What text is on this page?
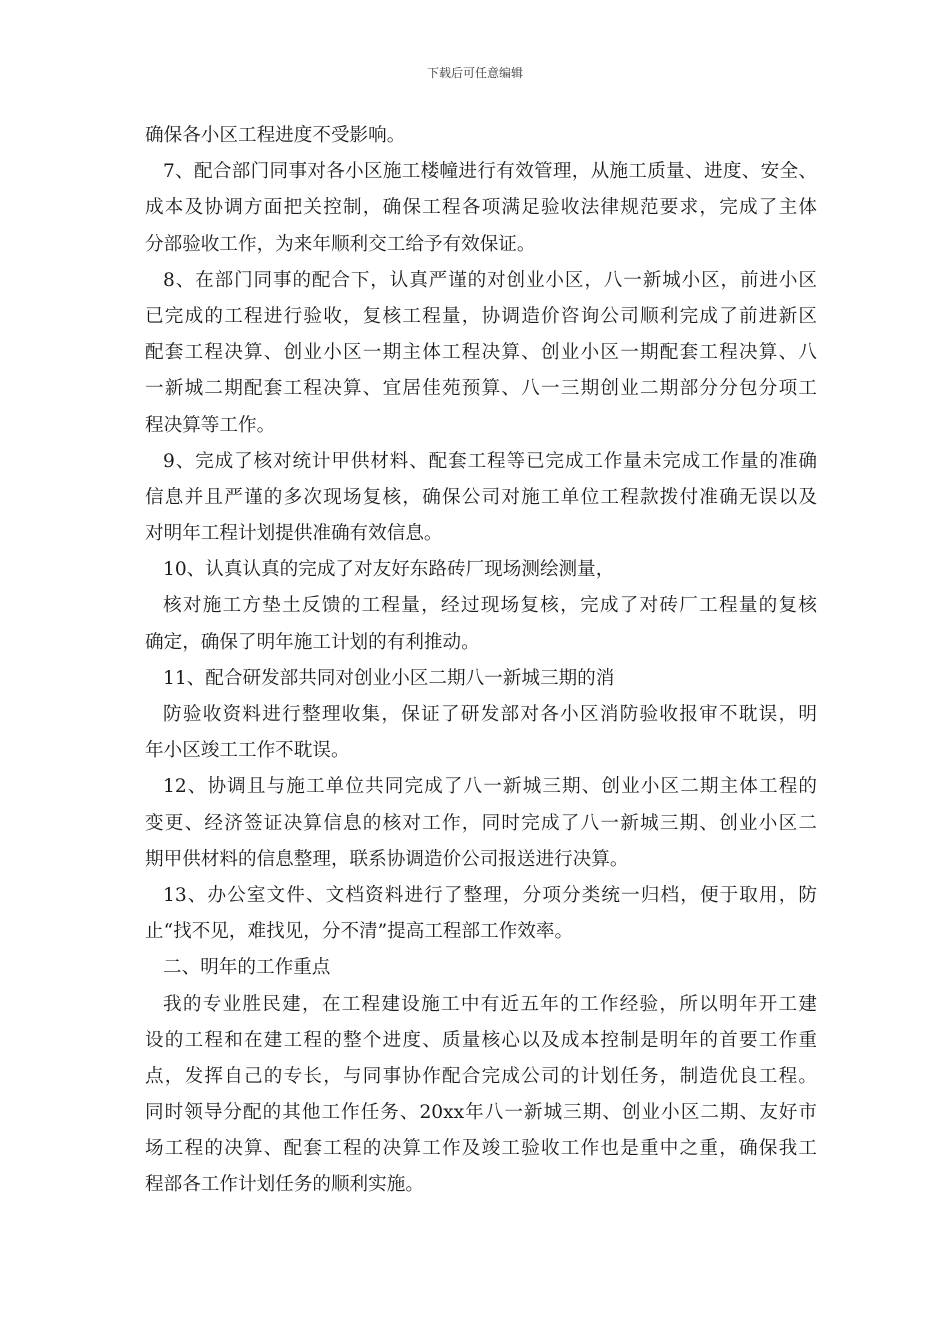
下载后可任意编辑
确保各小区工程进度不受影响。
7、配合部门同事对各小区施工楼幢进行有效管理，从施工质量、进度、安全、
成本及协调方面把关控制，确保工程各项满足验收法律规范要求，完成了主体
分部验收工作，为来年顺利交工给予有效保证。
8、在部门同事的配合下，认真严谨的对创业小区，八一新城小区，前进小区
已完成的工程进行验收，复核工程量，协调造价咨询公司顺利完成了前进新区
配套工程决算、创业小区一期主体工程决算、创业小区一期配套工程决算、八
一新城二期配套工程决算、宜居佳苑预算、八一三期创业二期部分分包分项工
程决算等工作。
9、完成了核对统计甲供材料、配套工程等已完成工作量未完成工作量的准确
信息并且严谨的多次现场复核，确保公司对施工单位工程款拨付准确无误以及
对明年工程计划提供准确有效信息。
10、认真认真的完成了对友好东路砖厂现场测绘测量，
核对施工方垫土反馈的工程量，经过现场复核，完成了对砖厂工程量的复核
确定，确保了明年施工计划的有利推动。
11、配合研发部共同对创业小区二期八一新城三期的消
防验收资料进行整理收集，保证了研发部对各小区消防验收报审不耽误，明
年小区竣工工作不耽误。
12、协调且与施工单位共同完成了八一新城三期、创业小区二期主体工程的
变更、经济签证决算信息的核对工作，同时完成了八一新城三期、创业小区二
期甲供材料的信息整理，联系协调造价公司报送进行决算。
13、办公室文件、文档资料进行了整理，分项分类统一归档，便于取用，防
止“找不见，难找见，分不清”提高工程部工作效率。
二、明年的工作重点
我的专业胜民建，在工程建设施工中有近五年的工作经验，所以明年开工建
设的工程和在建工程的整个进度、质量核心以及成本控制是明年的首要工作重
点，发挥自己的专长，与同事协作配合完成公司的计划任务，制造优良工程。
同时领导分配的其他工作任务、20xx年八一新城三期、创业小区二期、友好市
场工程的决算、配套工程的决算工作及竣工验收工作也是重中之重，确保我工
程部各工作计划任务的顺利实施。
